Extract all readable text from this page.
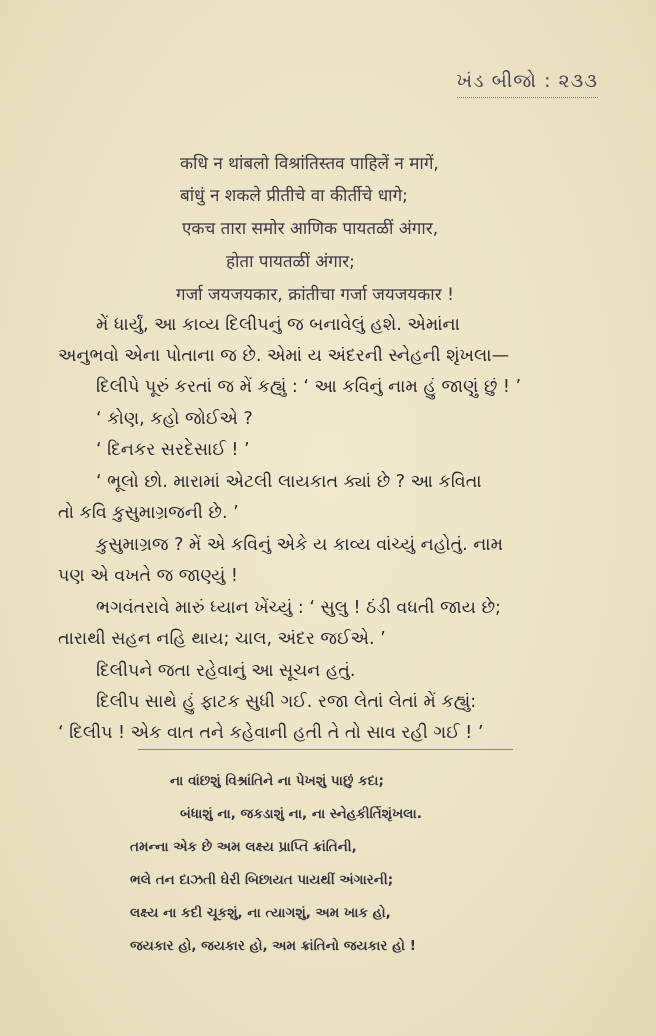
ખંડ બીજો : ૨૩૩
कधि न थांबलो विश्रांतिस्तव पाहिलें न मागें,
बांधुं न शकले प्रीतीचे वा कीर्तीचे धागे;
एकच तारा समोर आणिक पायतळीं अंगार,
होता पायतळीं अंगार;
गर्जा जयजयकार, क्रांतीचा गर्जा जयजयकार !
મેં ધાર્યું, આ કાવ્ય દિલીપનું જ બનાવેલું હશે. એમાંના
અનુભવો એના પોતાના જ છે. એમાં ય અંદરની સ્નેહની શૃંખલા—
દિલીપે પૂરું કરતાં જ મેં કહ્યું : ‘ આ કવિનું નામ હું જાણું છું ! ’
‘ કોણ, કહો જોઈએ ?
‘ દિનકર સરદેસાઈ ! ’
‘ ભૂલો છો. મારામાં એટલી લાયકાત ક્યાં છે ? આ કવિતા
તો કવિ કુસુમાગ્રજની છે. ’
કુસુમાગ્રજ ? મેં એ કવિનું એકે ય કાવ્ય વાંચ્યું નહોતું. નામ
પણ એ વખતે જ જાણ્યું !
ભગવંતરાવે મારું ધ્યાન ખેંચ્યું : ‘ સુલુ ! ઠંડી વધતી જાય છે;
તારાથી સહન નહિ થાય; ચાલ, અંદર જઈએ. ’
દિલીપને જતા રહેવાનું આ સૂચન હતું.
દિલીપ સાથે હું ફાટક સુધી ગઈ. રજા લેતાં લેતાં મેં કહ્યું:
‘ દિલીપ ! એક વાત તને કહેવાની હતી તે તો સાવ રહી ગઈ ! ’
ના વાંછશું વિશ્રાંતિને ના પેખશું પાછું કદા;
બંધાશું ના, જકડાશું ના, ના સ્નેહકીર્તિશૃંખલા.
તમન્ના એક છે અમ લક્ષ્ય પ્રાપ્તિ ક્રાંતિની,
ભલે તન દાઝતી ઘેરી બિછાયત પાયથીં અંગારની;
લક્ષ્ય ના કદી ચૂકશું, ના ત્યાગશું, અમ ખાક હો,
જયકાર હો, જયકાર હો, અમ ક્રાંતિનો જયકાર હો !
